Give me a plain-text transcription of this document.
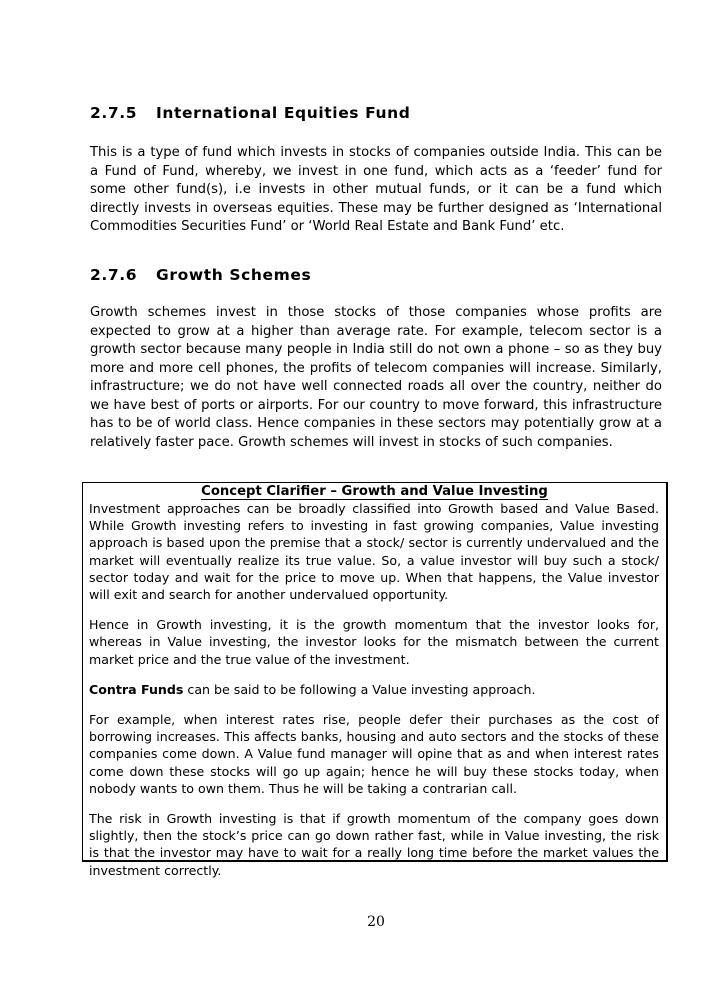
2.7.5 International Equities Fund

This is a type of fund which invests in stocks of companies outside India. This can be a Fund of Fund, whereby, we invest in one fund, which acts as a ‘feeder’ fund for some other fund(s), i.e invests in other mutual funds, or it can be a fund which directly invests in overseas equities. These may be further designed as ‘International Commodities Securities Fund’ or ‘World Real Estate and Bank Fund’ etc.

2.7.6 Growth Schemes

Growth schemes invest in those stocks of those companies whose profits are expected to grow at a higher than average rate. For example, telecom sector is a growth sector because many people in India still do not own a phone – so as they buy more and more cell phones, the profits of telecom companies will increase. Similarly, infrastructure; we do not have well connected roads all over the country, neither do we have best of ports or airports. For our country to move forward, this infrastructure has to be of world class. Hence companies in these sectors may potentially grow at a relatively faster pace. Growth schemes will invest in stocks of such companies.

Concept Clarifier – Growth and Value Investing

Investment approaches can be broadly classified into Growth based and Value Based. While Growth investing refers to investing in fast growing companies, Value investing approach is based upon the premise that a stock/ sector is currently undervalued and the market will eventually realize its true value. So, a value investor will buy such a stock/ sector today and wait for the price to move up. When that happens, the Value investor will exit and search for another undervalued opportunity.

Hence in Growth investing, it is the growth momentum that the investor looks for, whereas in Value investing, the investor looks for the mismatch between the current market price and the true value of the investment.

Contra Funds can be said to be following a Value investing approach.

For example, when interest rates rise, people defer their purchases as the cost of borrowing increases. This affects banks, housing and auto sectors and the stocks of these companies come down. A Value fund manager will opine that as and when interest rates come down these stocks will go up again; hence he will buy these stocks today, when nobody wants to own them. Thus he will be taking a contrarian call.

The risk in Growth investing is that if growth momentum of the company goes down slightly, then the stock’s price can go down rather fast, while in Value investing, the risk is that the investor may have to wait for a really long time before the market values the investment correctly.

20
